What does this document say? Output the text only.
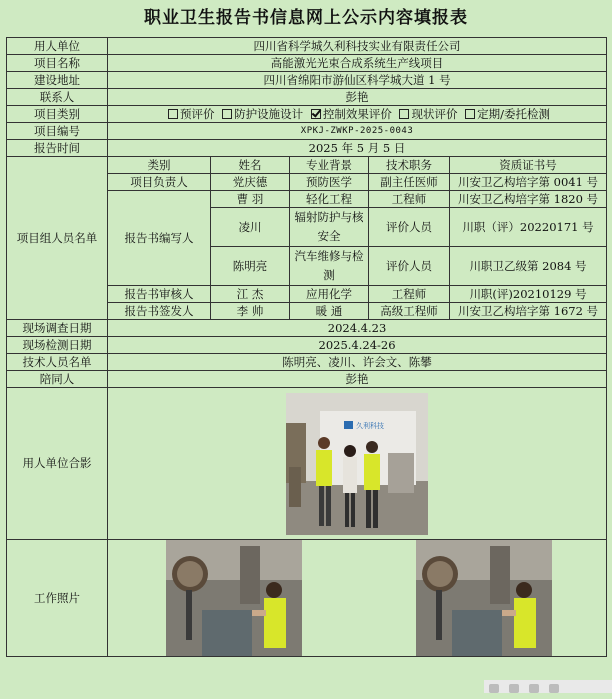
职业卫生报告书信息网上公示内容填报表
用人单位	四川省科学城久利科技实业有限责任公司				
项目名称	高能激光光束合成系统生产线项目				
建设地址	四川省绵阳市游仙区科学城大道 1 号				
联系人	彭艳				
项目类别	预评价 防护设施设计 控制效果评价 现状评价 定期/委托检测				
项目编号	XPKJ-ZWKP-2025-0043				
报告时间	2025 年 5 月 5 日				
项目组人员名单	类别	姓名	专业背景	技术职务	资质证书号
	项目负责人	党庆德	预防医学	副主任医师	川安卫乙构培字第 0041 号
	报告书编写人	曹 羽	轻化工程	工程师	川安卫乙构培字第 1820 号
		凌川	辐射防护与核安全	评价人员	川职（评）20220171 号

		陈明亮	汽车维修与检测	评价人员	川职卫乙级第 2084 号

	报告书审核人	江 杰	应用化学	工程师	川职(评)20210129 号
	报告书签发人	李 帅	暖 通	高级工程师	川安卫乙构培字第 1672 号
现场调查日期	2024.4.23				
现场检测日期	2025.4.24-26				
技术人员名单	陈明亮、凌川、许会文、陈攀				
陪同人	彭艳				
用人单位合影	久利科技				

工作照片	
